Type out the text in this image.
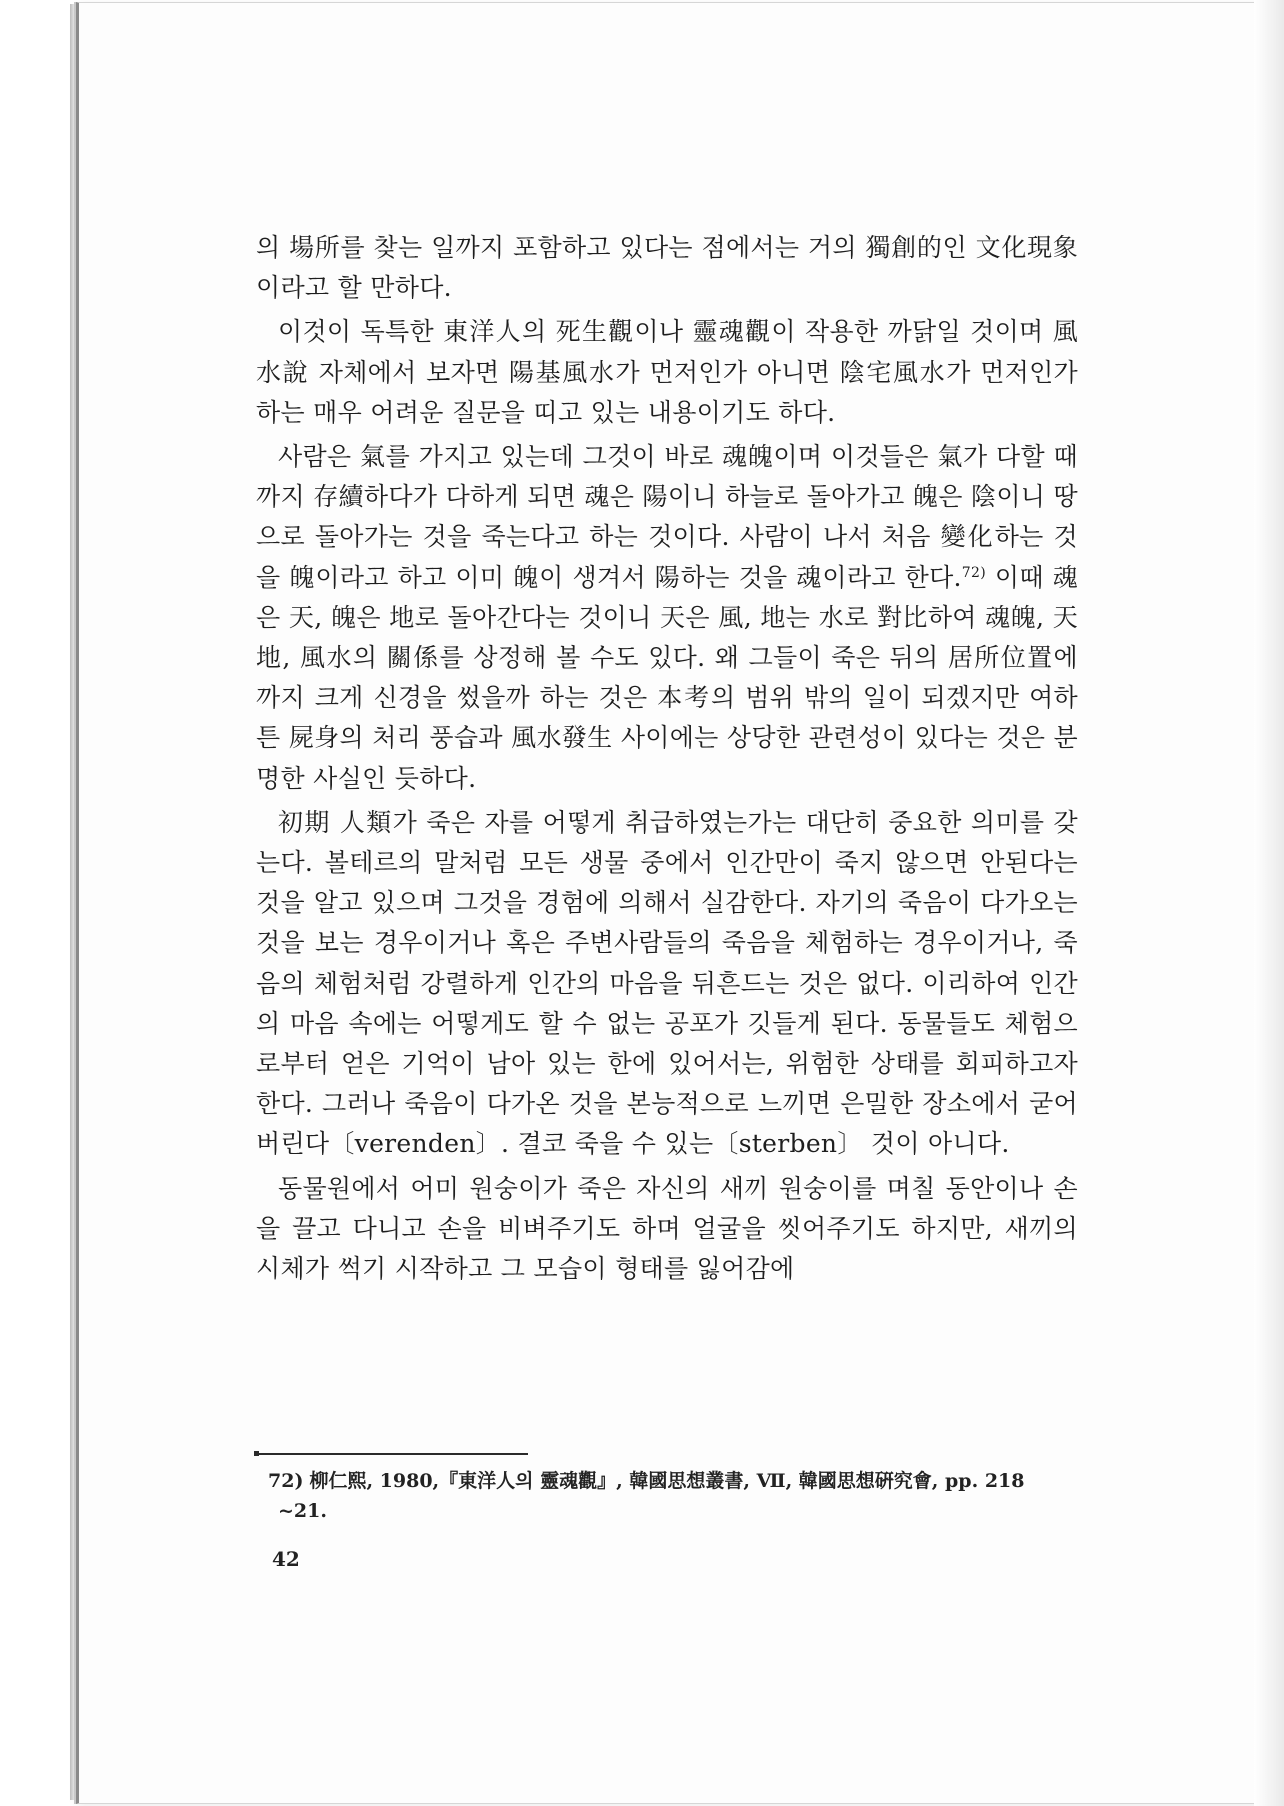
의 場所를 찾는 일까지 포함하고 있다는 점에서는 거의 獨創的인 文化現象이라고 할 만하다.

이것이 독특한 東洋人의 死生觀이나 靈魂觀이 작용한 까닭일 것이며 風水說 자체에서 보자면 陽基風水가 먼저인가 아니면 陰宅風水가 먼저인가 하는 매우 어려운 질문을 띠고 있는 내용이기도 하다.

사람은 氣를 가지고 있는데 그것이 바로 魂魄이며 이것들은 氣가 다할 때까지 存續하다가 다하게 되면 魂은 陽이니 하늘로 돌아가고 魄은 陰이니 땅으로 돌아가는 것을 죽는다고 하는 것이다. 사람이 나서 처음 變化하는 것을 魄이라고 하고 이미 魄이 생겨서 陽하는 것을 魂이라고 한다.$^{72)}$ 이때 魂은 天, 魄은 地로 돌아간다는 것이니 天은 風, 地는 水로 對比하여 魂魄, 天地, 風水의 關係를 상정해 볼 수도 있다. 왜 그들이 죽은 뒤의 居所位置에까지 크게 신경을 썼을까 하는 것은 本考의 범위 밖의 일이 되겠지만 여하튼 屍身의 처리 풍습과 風水發生 사이에는 상당한 관련성이 있다는 것은 분명한 사실인 듯하다.

初期 人類가 죽은 자를 어떻게 취급하였는가는 대단히 중요한 의미를 갖는다. 볼테르의 말처럼 모든 생물 중에서 인간만이 죽지 않으면 안된다는 것을 알고 있으며 그것을 경험에 의해서 실감한다. 자기의 죽음이 다가오는 것을 보는 경우이거나 혹은 주변사람들의 죽음을 체험하는 경우이거나, 죽음의 체험처럼 강렬하게 인간의 마음을 뒤흔드는 것은 없다. 이리하여 인간의 마음 속에는 어떻게도 할 수 없는 공포가 깃들게 된다. 동물들도 체험으로부터 얻은 기억이 남아 있는 한에 있어서는, 위험한 상태를 회피하고자 한다. 그러나 죽음이 다가온 것을 본능적으로 느끼면 은밀한 장소에서 굳어버린다〔verenden〕. 결코 죽을 수 있는〔sterben〕 것이 아니다.

동물원에서 어미 원숭이가 죽은 자신의 새끼 원숭이를 며칠 동안이나 손을 끌고 다니고 손을 비벼주기도 하며 얼굴을 씻어주기도 하지만, 새끼의 시체가 썩기 시작하고 그 모습이 형태를 잃어감에

72) 柳仁熙, 1980,『東洋人의 靈魂觀』, 韓國思想叢書, Ⅶ, 韓國思想硏究會, pp. 218
~21.
42
